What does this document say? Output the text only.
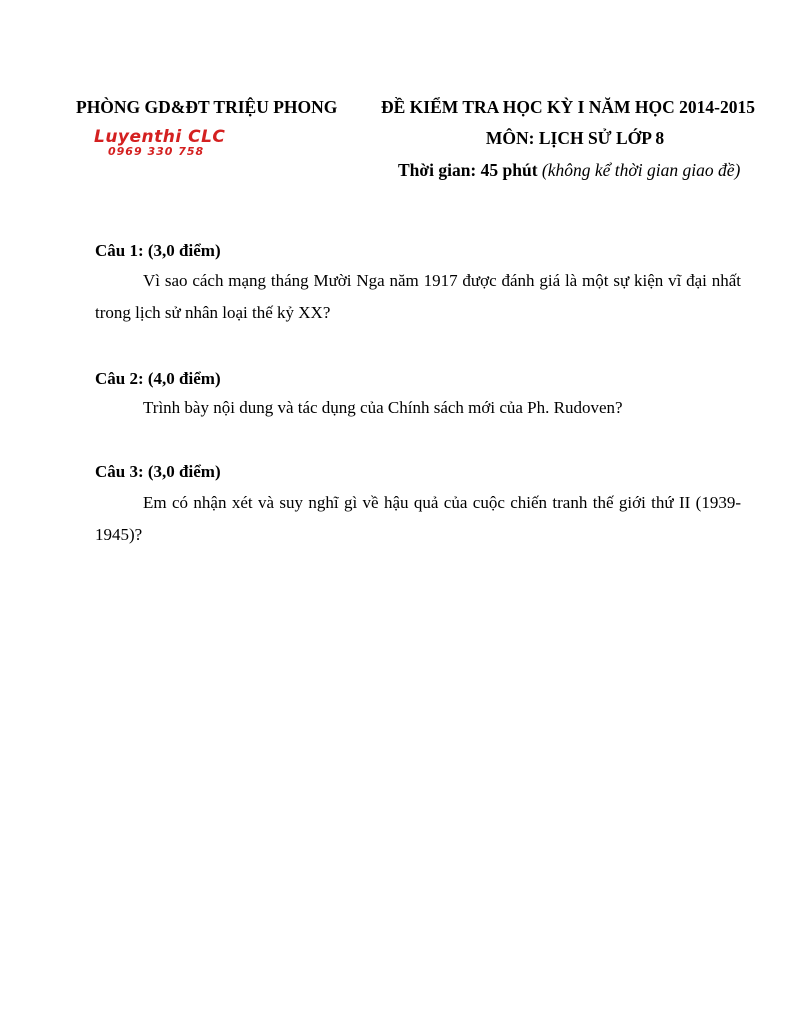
PHÒNG GD&ĐT TRIỆU PHONG ĐỀ KIỂM TRA HỌC KỲ I NĂM HỌC 2014-2015
MÔN: LỊCH SỬ LỚP 8
Thời gian: 45 phút (không kể thời gian giao đề)
Luyenthi CLC
0969 330 758
Câu 1: (3,0 điểm)
Vì sao cách mạng tháng Mười Nga năm 1917 được đánh giá là một sự kiện vĩ đại nhất trong lịch sử nhân loại thế kỷ XX?
Câu 2: (4,0 điểm)
Trình bày nội dung và tác dụng của Chính sách mới của Ph. Rudoven?
Câu 3: (3,0 điểm)
Em có nhận xét và suy nghĩ gì về hậu quả của cuộc chiến tranh thế giới thứ II (1939-1945)?
